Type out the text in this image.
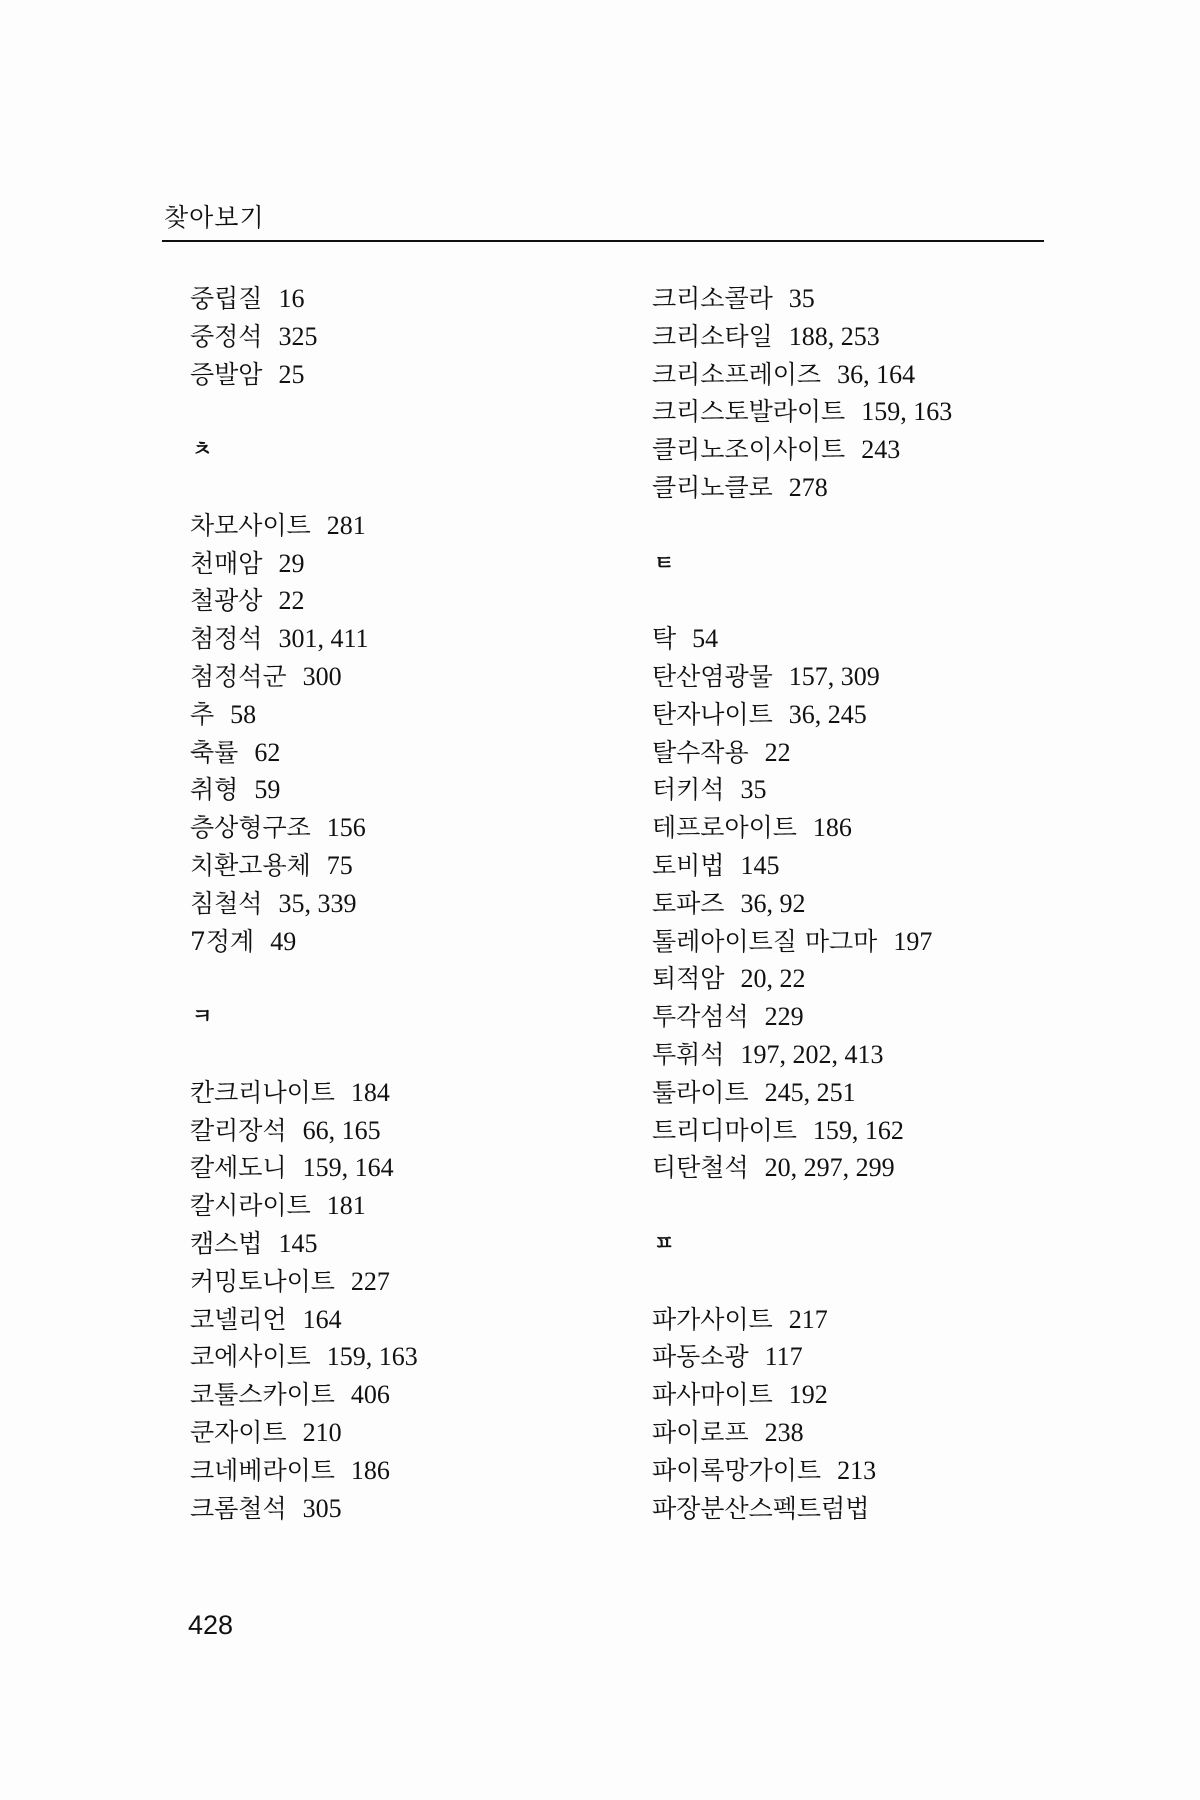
찾아보기
중립질 16
중정석 325
증발암 25
ㅊ
차모사이트 281
천매암 29
철광상 22
첨정석 301, 411
첨정석군 300
추 58
축률 62
취형 59
층상형구조 156
치환고용체 75
침철석 35, 339
7정계 49
ㅋ
칸크리나이트 184
칼리장석 66, 165
칼세도니 159, 164
칼시라이트 181
캠스법 145
커밍토나이트 227
코넬리언 164
코에사이트 159, 163
코툴스카이트 406
쿤자이트 210
크네베라이트 186
크롬철석 305
크리소콜라 35
크리소타일 188, 253
크리소프레이즈 36, 164
크리스토발라이트 159, 163
클리노조이사이트 243
클리노클로 278
ㅌ
탁 54
탄산염광물 157, 309
탄자나이트 36, 245
탈수작용 22
터키석 35
테프로아이트 186
토비법 145
토파즈 36, 92
톨레아이트질 마그마 197
퇴적암 20, 22
투각섬석 229
투휘석 197, 202, 413
툴라이트 245, 251
트리디마이트 159, 162
티탄철석 20, 297, 299
ㅍ
파가사이트 217
파동소광 117
파사마이트 192
파이로프 238
파이록망가이트 213
파장분산스펙트럼법
428
